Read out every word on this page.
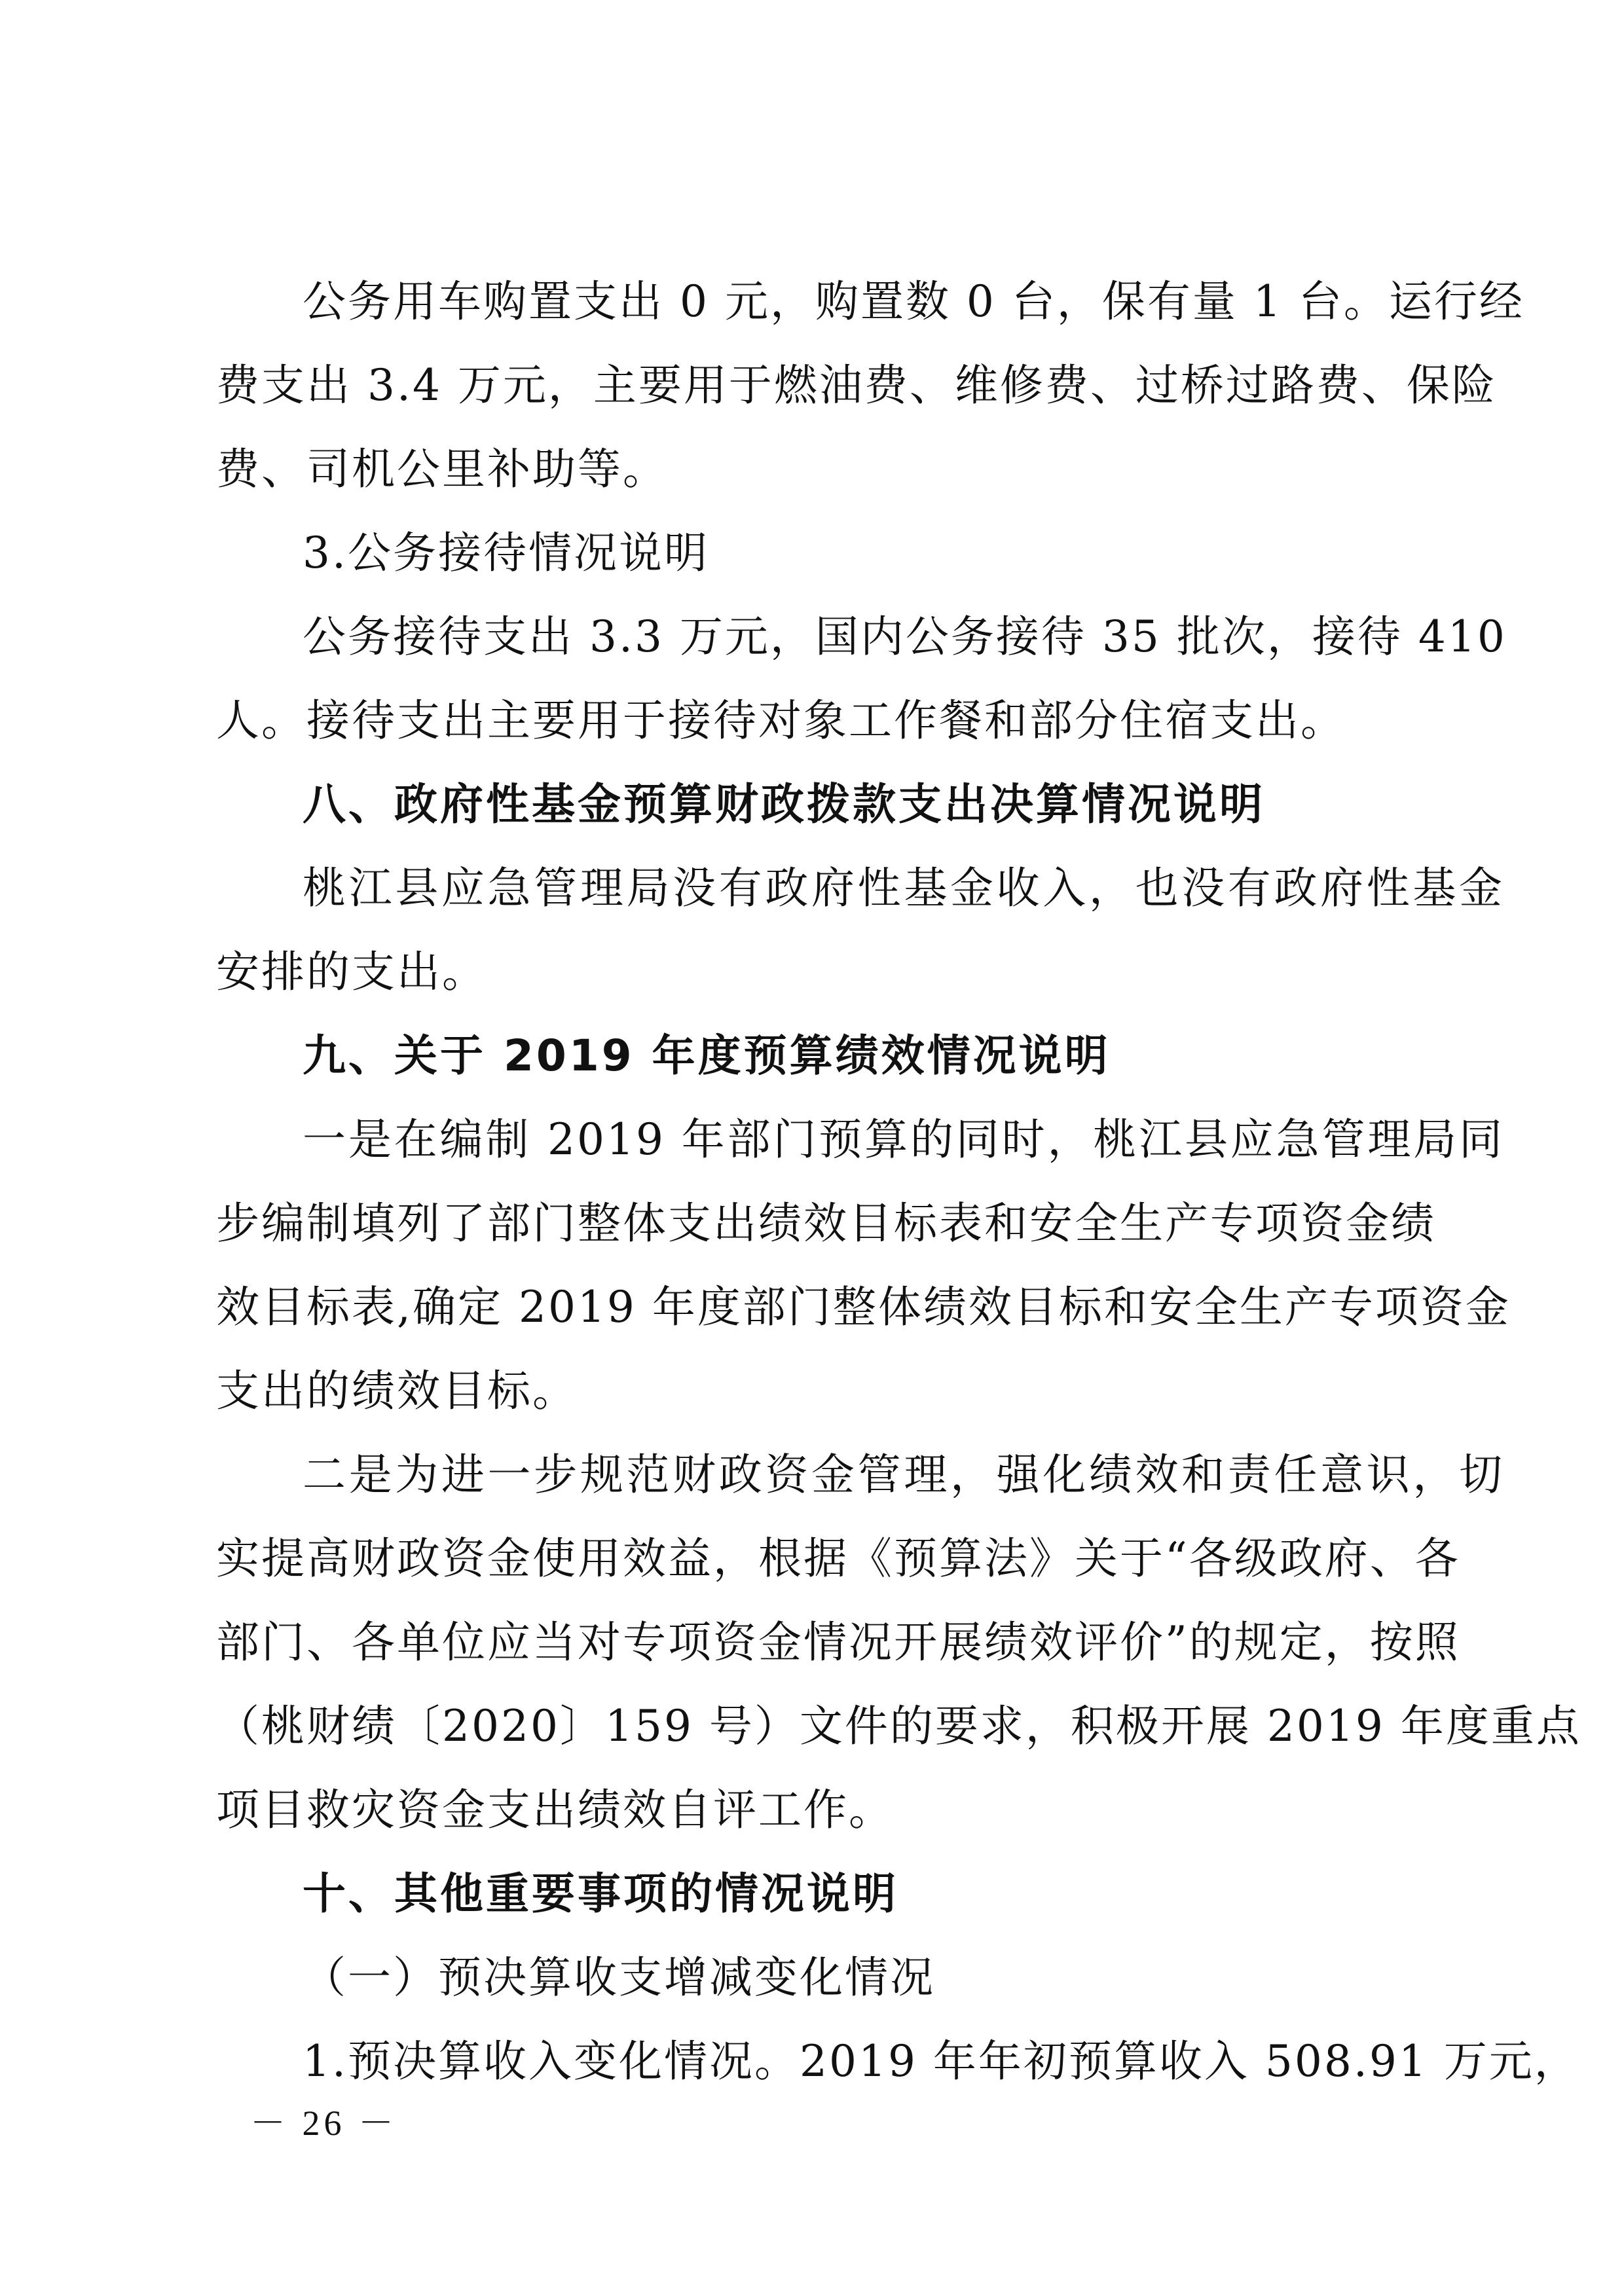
公务用车购置支出 0 元，购置数 0 台，保有量 1 台。运行经
费支出 3.4 万元，主要用于燃油费、维修费、过桥过路费、保险
费、司机公里补助等。
3.公务接待情况说明
公务接待支出 3.3 万元，国内公务接待 35 批次，接待 410
人。接待支出主要用于接待对象工作餐和部分住宿支出。
八、政府性基金预算财政拨款支出决算情况说明
桃江县应急管理局没有政府性基金收入，也没有政府性基金
安排的支出。
九、关于 2019 年度预算绩效情况说明
一是在编制 2019 年部门预算的同时，桃江县应急管理局同
步编制填列了部门整体支出绩效目标表和安全生产专项资金绩
效目标表,确定 2019 年度部门整体绩效目标和安全生产专项资金
支出的绩效目标。
二是为进一步规范财政资金管理，强化绩效和责任意识，切
实提高财政资金使用效益，根据《预算法》关于“各级政府、各
部门、各单位应当对专项资金情况开展绩效评价”的规定，按照
（桃财绩〔2020〕159 号）文件的要求，积极开展 2019 年度重点
项目救灾资金支出绩效自评工作。
十、其他重要事项的情况说明
（一）预决算收支增减变化情况
1.预决算收入变化情况。2019 年年初预算收入 508.91 万元，
－ 26 －
